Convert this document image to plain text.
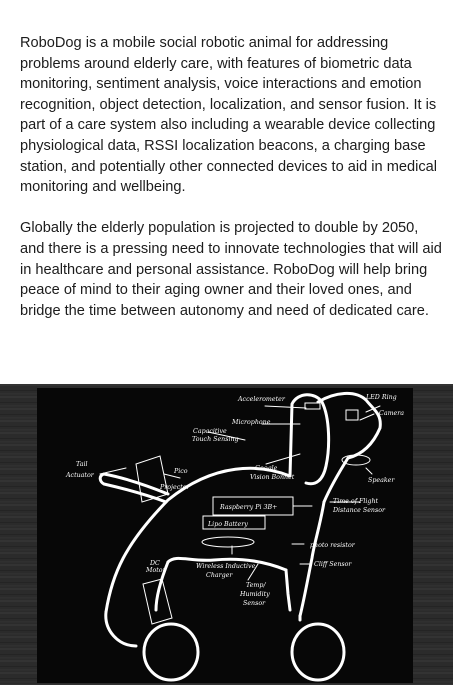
RoboDog is a mobile social robotic animal for addressing problems around elderly care, with features of biometric data monitoring, sentiment analysis, voice interactions and emotion recognition, object detection, localization, and sensor fusion. It is part of a care system also including a wearable device collecting physiological data, RSSI localization beacons, a charging base station, and potentially other connected devices to aid in medical monitoring and wellbeing.

Globally the elderly population is projected to double by 2050, and there is a pressing need to innovate technologies that will aid in healthcare and personal assistance. RoboDog will help bring peace of mind to their aging owner and their loved ones, and bridge the time between autonomy and need of dedicated care.

Accelerometer	LED Ring
Camera
Microphone
Capacitive
Touch Sensing
Tail
Actuator
Pico
Projector
Google
Vision Bonnet	Speaker
Raspberry Pi 3B+
Lipo Battery
Time of Flight
Distance Sensor
photo resistor
Cliff Sensor
DC
Motor
Wireless Inductive
Charger
Temp/
Humidity
Sensor
